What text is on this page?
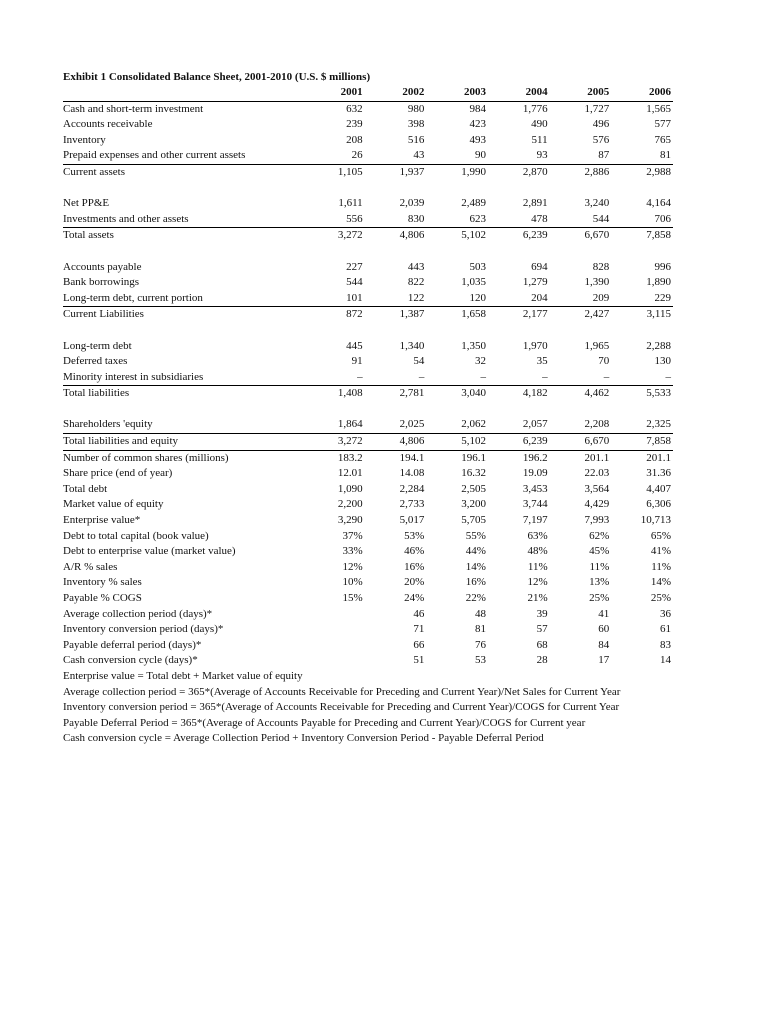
Exhibit 1 Consolidated Balance Sheet, 2001-2010 (U.S. $ millions)
	2001	2002	2003	2004	2005	2006
Cash and short-term investment	632	980	984	1,776	1,727	1,565
Accounts receivable	239	398	423	490	496	577
Inventory	208	516	493	511	576	765
Prepaid expenses and other current assets	26	43	90	93	87	81
Current assets	1,105	1,937	1,990	2,870	2,886	2,988

Net PP&E	1,611	2,039	2,489	2,891	3,240	4,164
Investments and other assets	556	830	623	478	544	706
Total assets	3,272	4,806	5,102	6,239	6,670	7,858

Accounts payable	227	443	503	694	828	996
Bank borrowings	544	822	1,035	1,279	1,390	1,890
Long-term debt, current portion	101	122	120	204	209	229
Current Liabilities	872	1,387	1,658	2,177	2,427	3,115

Long-term debt	445	1,340	1,350	1,970	1,965	2,288
Deferred taxes	91	54	32	35	70	130
Minority interest in subsidiaries	–	–	–	–	–	–
Total liabilities	1,408	2,781	3,040	4,182	4,462	5,533

Shareholders 'equity	1,864	2,025	2,062	2,057	2,208	2,325
Total liabilities and equity	3,272	4,806	5,102	6,239	6,670	7,858
Number of common shares (millions)	183.2	194.1	196.1	196.2	201.1	201.1
Share price (end of year)	12.01	14.08	16.32	19.09	22.03	31.36
Total debt	1,090	2,284	2,505	3,453	3,564	4,407
Market value of equity	2,200	2,733	3,200	3,744	4,429	6,306
Enterprise value*	3,290	5,017	5,705	7,197	7,993	10,713
Debt to total capital (book value)	37%	53%	55%	63%	62%	65%
Debt to enterprise value (market value)	33%	46%	44%	48%	45%	41%
A/R % sales	12%	16%	14%	11%	11%	11%
Inventory % sales	10%	20%	16%	12%	13%	14%
Payable % COGS	15%	24%	22%	21%	25%	25%
Average collection period (days)*		46	48	39	41	36
Inventory conversion period (days)*		71	81	57	60	61
Payable deferral period (days)*		66	76	68	84	83
Cash conversion cycle (days)*		51	53	28	17	14
Enterprise value = Total debt + Market value of equity
Average collection period = 365*(Average of Accounts Receivable for Preceding and Current Year)/Net Sales for Current Year
Inventory conversion period = 365*(Average of Accounts Receivable for Preceding and Current Year)/COGS for Current Year
Payable Deferral Period = 365*(Average of Accounts Payable for Preceding and Current Year)/COGS for Current year
Cash conversion cycle = Average Collection Period + Inventory Conversion Period - Payable Deferral Period
